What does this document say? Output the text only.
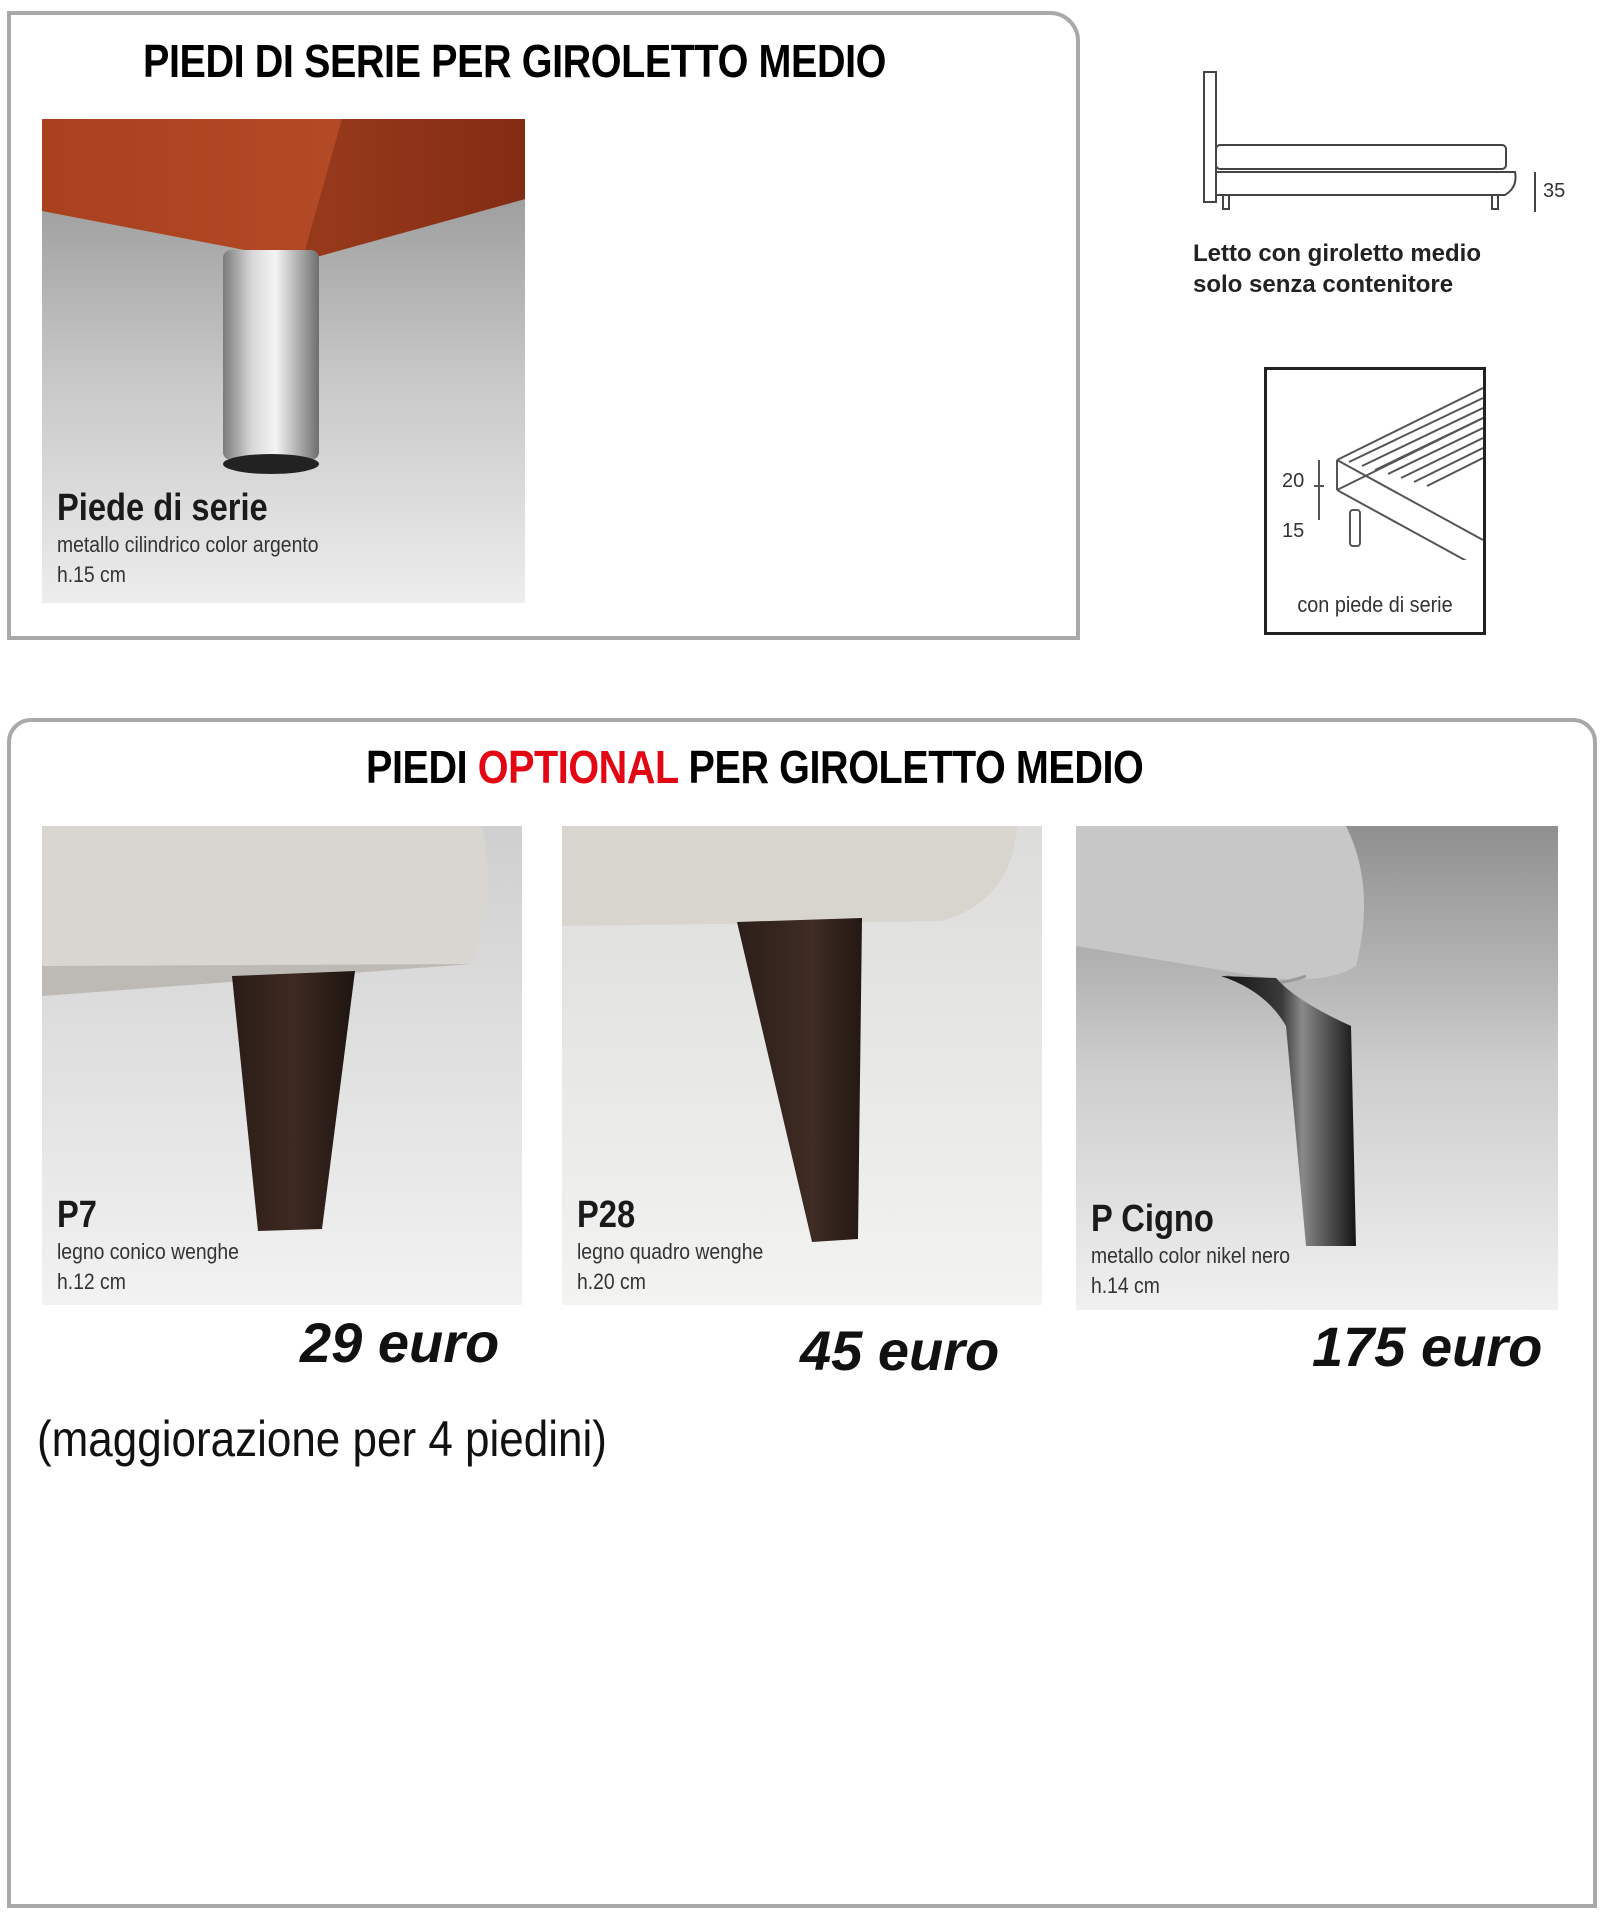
PIEDI DI SERIE PER GIROLETTO MEDIO
Piede di serie
metallo cilindrico color argento
h.15 cm
35
Letto con giroletto medio
solo senza contenitore
20
15
con piede di serie
PIEDI OPTIONAL PER GIROLETTO MEDIO
P7
legno conico wenghe
h.12 cm
29 euro
P28
legno quadro wenghe
h.20 cm
45 euro
P Cigno
metallo color nikel nero
h.14 cm
175 euro
(maggiorazione per 4 piedini)
